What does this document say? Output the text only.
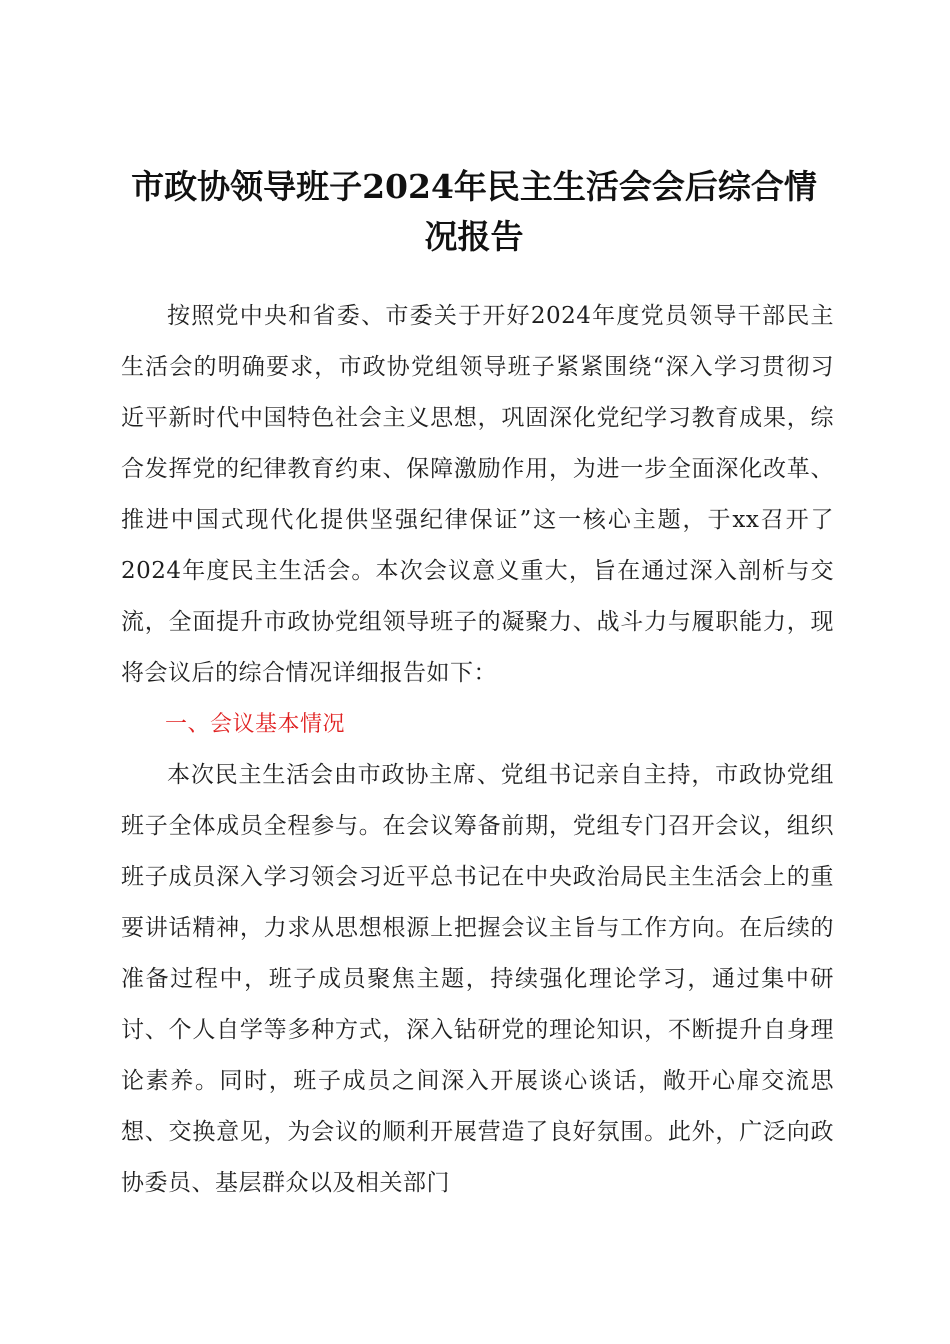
市政协领导班子2024年民主生活会会后综合情况报告

按照党中央和省委、市委关于开好2024年度党员领导干部民主生活会的明确要求，市政协党组领导班子紧紧围绕“深入学习贯彻习近平新时代中国特色社会主义思想，巩固深化党纪学习教育成果，综合发挥党的纪律教育约束、保障激励作用，为进一步全面深化改革、推进中国式现代化提供坚强纪律保证”这一核心主题，于xx召开了2024年度民主生活会。本次会议意义重大，旨在通过深入剖析与交流，全面提升市政协党组领导班子的凝聚力、战斗力与履职能力，现将会议后的综合情况详细报告如下：

一、会议基本情况

本次民主生活会由市政协主席、党组书记亲自主持，市政协党组班子全体成员全程参与。在会议筹备前期，党组专门召开会议，组织班子成员深入学习领会习近平总书记在中央政治局民主生活会上的重要讲话精神，力求从思想根源上把握会议主旨与工作方向。在后续的准备过程中，班子成员聚焦主题，持续强化理论学习，通过集中研讨、个人自学等多种方式，深入钻研党的理论知识，不断提升自身理论素养。同时，班子成员之间深入开展谈心谈话，敞开心扉交流思想、交换意见，为会议的顺利开展营造了良好氛围。此外，广泛向政协委员、基层群众以及相关部门
